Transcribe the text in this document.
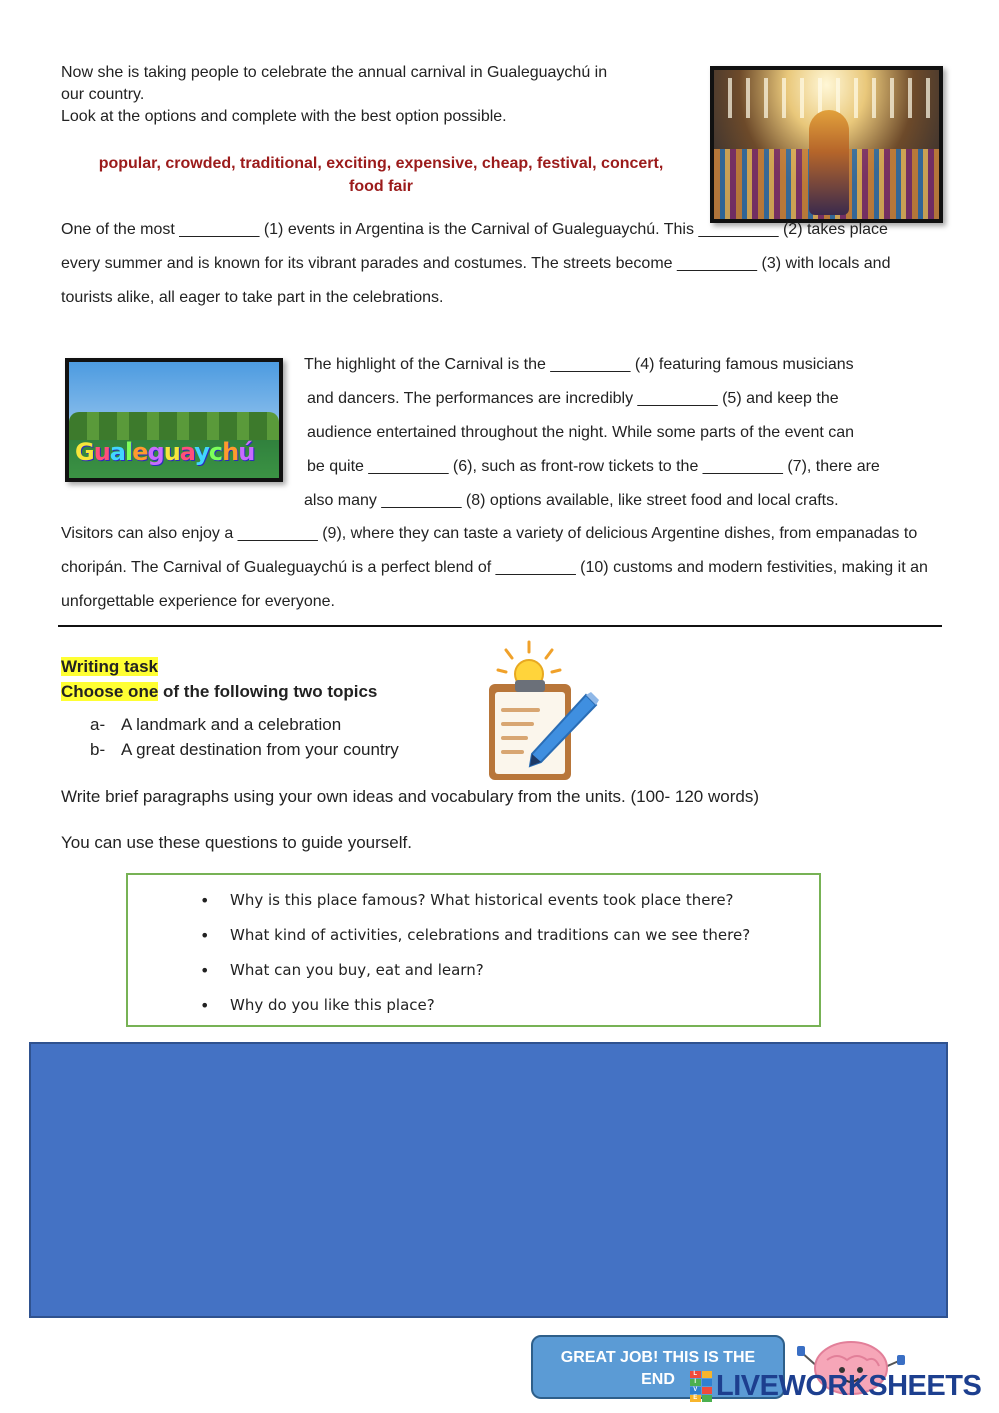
Now she is taking people to celebrate the annual carnival in Gualeguaychú in
our country.
Look at the options and complete with the best option possible.
popular, crowded, traditional, exciting, expensive, cheap, festival, concert,
food fair
One of the most _________ (1) events in Argentina is the Carnival of Gualeguaychú. This _________ (2) takes place every summer and is known for its vibrant parades and costumes. The streets become _________ (3) with locals and tourists alike, all eager to take part in the celebrations.
Gualeguaychú
The highlight of the Carnival is the _________ (4) featuring famous musicians
and dancers. The performances are incredibly _________ (5) and keep the
audience entertained throughout the night. While some parts of the event can
be quite _________ (6), such as front-row tickets to the _________ (7), there are
also many _________ (8) options available, like street food and local crafts.
Visitors can also enjoy a _________ (9), where they can taste a variety of delicious Argentine dishes, from empanadas to choripán. The Carnival of Gualeguaychú is a perfect blend of _________ (10) customs and modern festivities, making it an unforgettable experience for everyone.
Writing task
Choose one of the following two topics
a- A landmark and a celebration
b- A great destination from your country
Write brief paragraphs using your own ideas and vocabulary from the units. (100- 120 words)
You can use these questions to guide yourself.
• Why is this place famous? What historical events took place there?
• What kind of activities, celebrations and traditions can we see there?
• What can you buy, eat and learn?
• Why do you like this place?
GREAT JOB! THIS IS THE
END	L
I
V
E LIVEWORKSHEETS
